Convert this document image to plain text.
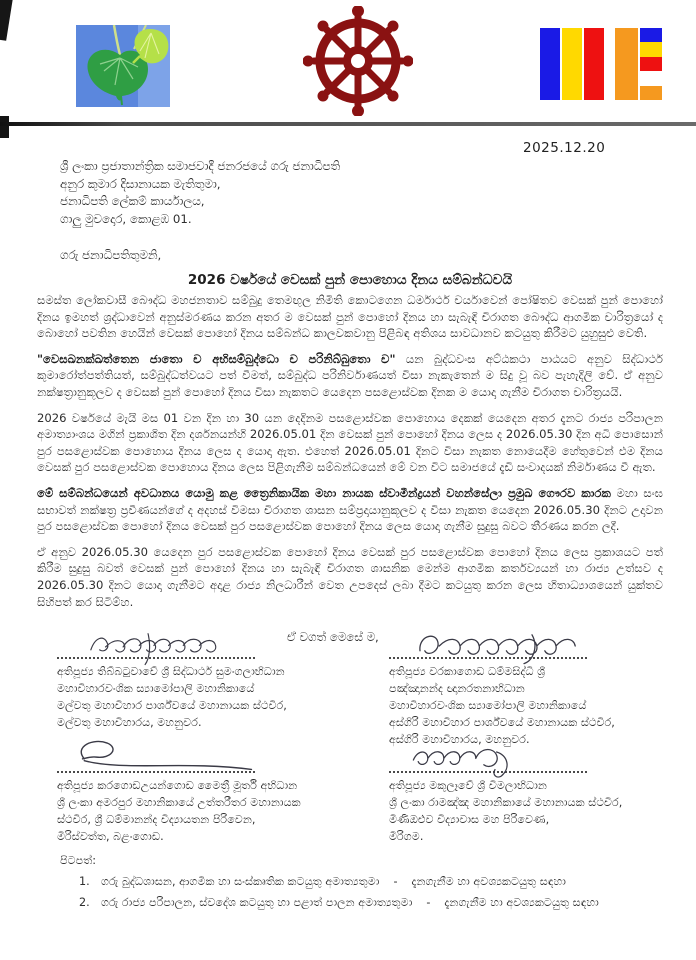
2025.12.20
ශ්‍රී ලංකා ප්‍රජාතාන්ත්‍රික සමාජවාදී ජනරජයේ ගරු ජනාධිපති
අනුර කුමාර දිසානායක මැතිතුමා,
ජනාධිපති ලේකම් කාර්යාලය,
ගාලු මුවදොර, කොළඹ 01.
ගරු ජනාධිපතිතුමනි,
2026 වර්ෂයේ වෙසක් පුන් පොහොය දිනය සම්බන්ධවයි

සමස්ත ලෝකවාසී බෞද්ධ මහජනතාව සම්බුදු තෙමඟුල නිමිති කොටගෙන ධර්මාර්ථ චර්යාවෙන් පෝෂිතව වෙසක් පුන් පොහෝ දිනය ඉමහත් ශ්‍රද්ධාවෙන් අනුස්මරණය කරන අතර ම වෙසක් පුන් පොහෝ දිනය හා සැබැඳි චිරාගත බෞද්ධ ආගමික චාරිත්‍රයෝ ද බොහෝ පවතින හෙයින් වෙසක් පොහෝ දිනය සම්බන්ධ කාලවකවානු පිළිබඳ අතිශය සාවධානව කටයුතු කිරීමට යුහුසුළු වෙති.

"වෙසඛනක්ඛත්තෙන ජාතො ච අභිසම්බුද්ධො ච පරිනිබ්බුතො ච" යන බුද්ධවංස අට්ඨකථා පාඨයට අනුව සිද්ධාර්ථ කුමාරෝත්පත්තියත්, සම්බුද්ධත්වයට පත් වීමත්, සම්බුද්ධ පරිනිර්වාණයත් විසා නැකැතෙන් ම සිදු වූ බව පැහැදිලි වේ. ඒ අනුව නක්ෂත්‍රානුකූලව ද වෙසක් පුන් පොහෝ දිනය විසා නැකතට යෙදෙන පසළොස්වක දිනක ම යොදා ගැනීම චිරාගත චාරිත්‍රයයි.

2026 වර්ෂයේ මැයි මස 01 වන දින හා 30 යන දෙදිනම පසළොස්වක පොහොය දෙකක් යෙදෙන අතර දැනට රාජ්‍ය පරිපාලන අමාත්‍යාංශය මගින් ප්‍රකාශිත දින දර්ශනයන්හි 2026.05.01 දින වෙසක් පුන් පොහෝ දිනය ලෙස ද 2026.05.30 දින අධි පොසොන් පුර පසළොස්වක පොහොය දිනය ලෙස ද යොදා ඇත. එහෙත් 2026.05.01 දිනට විසා නැකත නොයෙදීම හේතුවෙන් එම දිනය වෙසක් පුර පසළොස්වක පොහොය දිනය ලෙස පිළිගැනීම සම්බන්ධයෙන් මේ වන විට සමාජයේ දැඩි සංවාදයක් නිර්මාණය වී ඇත.

මේ සම්බන්ධයෙන් අවධානය යොමු කළ ත්‍රෛනිකායික මහා නායක ස්වාමීන්ද්‍රයන් වහන්සේලා ප්‍රමුඛ ගෞරව කාරක මහා සංඝ සභාවත් නක්ෂත්‍ර ප්‍රවීණයන්ගේ ද අදහස් විමසා චිරාගත ශාසන සම්ප්‍රදායානුකූලව ද විසා නැකත යෙදෙන 2026.05.30 දිනට උදාවන පුර පසළොස්වක පොහෝ දිනය වෙසක් පුර පසළොස්වක පොහෝ දිනය ලෙස යොදා ගැනීම සුදුසු බවට තීරණය කරන ලදී.

ඒ අනුව 2026.05.30 යෙදෙන පුර පසළොස්වක පොහෝ දිනය වෙසක් පුර පසළොස්වක පොහෝ දිනය ලෙස ප්‍රකාශයට පත් කිරීම සුදුසු බවත් වෙසක් පුන් පොහෝ දිනය හා සැබැඳි චිරාගත ශාසනික මෙන්ම ආගමික කර්තව්‍යයන් හා රාජ්‍ය උත්සව ද 2026.05.30 දිනට යොදා ගැනීමට අදාළ රාජ්‍ය නිලධාරීන් වෙත උපදෙස් ලබා දීමට කටයුතු කරන ලෙස හිතාධ්‍යාශයෙන් යුක්තව සිහිපත් කර සිටිම්හ.

ඒ වගත් මෙසේ ම,
අතිපූජ්‍ය තිබ්බටුවාවේ ශ්‍රී සිද්ධාර්ථ සුමංගලාභිධාන
මහාවිහාරවංශික ස්‍යාමෝපාලි මහානිකායේ
මල්වතු මහාවිහාර පාර්ශ්වයේ මහානායක ස්ථවිර,
මල්වතු මහාවිහාරය, මහනුවර.
අතිපූජ්‍ය වරකාගොඩ ධම්මසිද්ධි ශ්‍රී
පඤ්ඤානන්ද ඥානරතනාභිධාන
මහාවිහාරවංශික ස්‍යාමෝපාලි මහානිකායේ
අස්ගිරි මහාවිහාර පාර්ශ්වයේ මහානායක ස්ථවිර,
අස්ගිරි මහාවිහාරය, මහනුවර.
අතිපූජ්‍ය කරගොඩඋයන්ගොඩ මෛත්‍රී මූර්ති අභිධාන
ශ්‍රී ලංකා අමරපුර මහානිකායේ උත්තරීතර මහානායක
ස්ථවිර, ශ්‍රී ධම්මානන්ද විද්‍යායතන පිරිවෙන,
මිරිස්වත්ත, බළංගොඩ.
අතිපූජ්‍ය මකුලෑවේ ශ්‍රී විමලාභිධාන
ශ්‍රී ලංකා රාමඤ්ඤ මහානිකායේ මහානායක ස්ථවිර,
මිණිඔළුව විද්‍යාවාස මහ පිරිවෙණ,
මීරිගම.
පිටපත්:
1.	ගරු බුද්ධශාසන, ආගමික හා සංස්කෘතික කටයුතු අමාත්‍යතුමා - දැනගැනීම හා අවශ්‍යකටයුතු සඳහා
2.	ගරු රාජ්‍ය පරිපාලන, ස්වදේශ කටයුතු හා පළාත් පාලන අමාත්‍යතුමා - දැනගැනීම හා අවශ්‍යකටයුතු සඳහා
